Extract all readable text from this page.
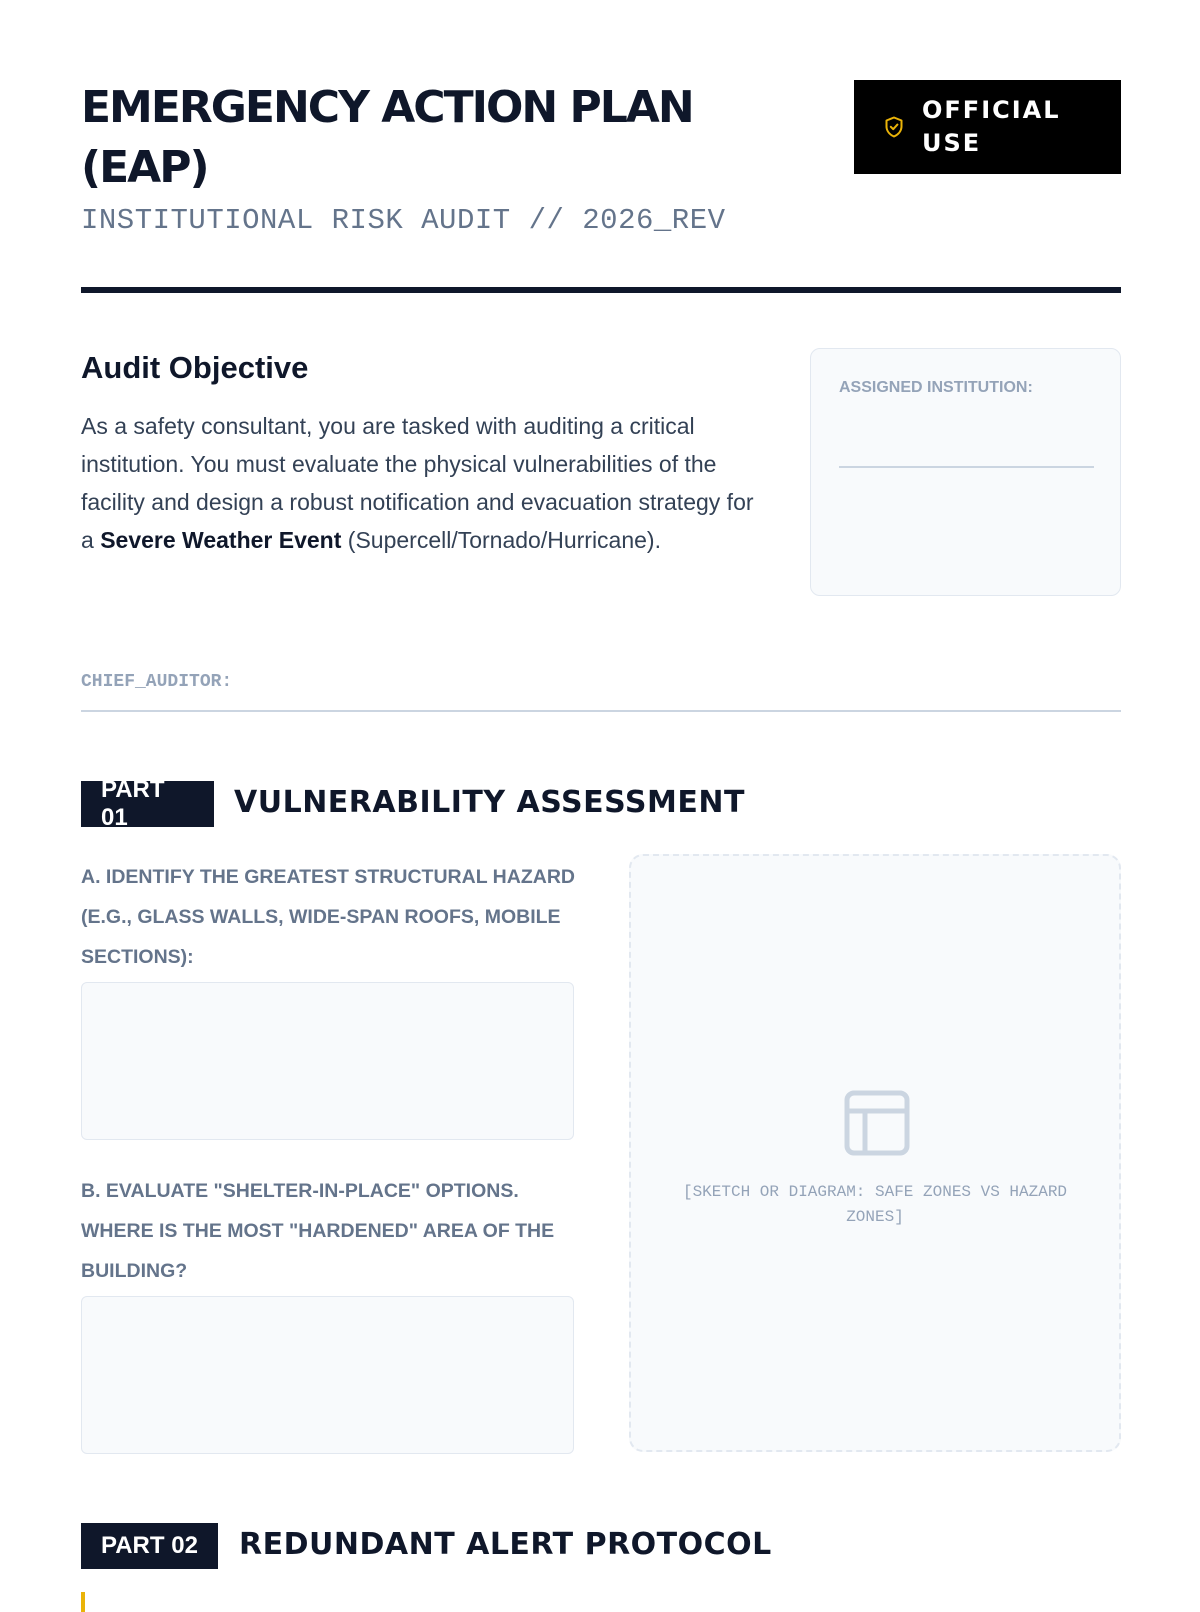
EMERGENCY ACTION PLAN (EAP)
INSTITUTIONAL RISK AUDIT // 2026_REV
OFFICIAL USE
Audit Objective

As a safety consultant, you are tasked with auditing a critical institution. You must evaluate the physical vulnerabilities of the facility and design a robust notification and evacuation strategy for a Severe Weather Event (Supercell/Tornado/Hurricane).

ASSIGNED INSTITUTION:
CHIEF_AUDITOR:
PART 01	VULNERABILITY ASSESSMENT
A. IDENTIFY THE GREATEST STRUCTURAL HAZARD (E.G., GLASS WALLS, WIDE-SPAN ROOFS, MOBILE SECTIONS):
B. EVALUATE "SHELTER-IN-PLACE" OPTIONS. WHERE IS THE MOST "HARDENED" AREA OF THE BUILDING?
[SKETCH OR DIAGRAM: SAFE ZONES VS HAZARD ZONES]
PART 02	REDUNDANT ALERT PROTOCOL
